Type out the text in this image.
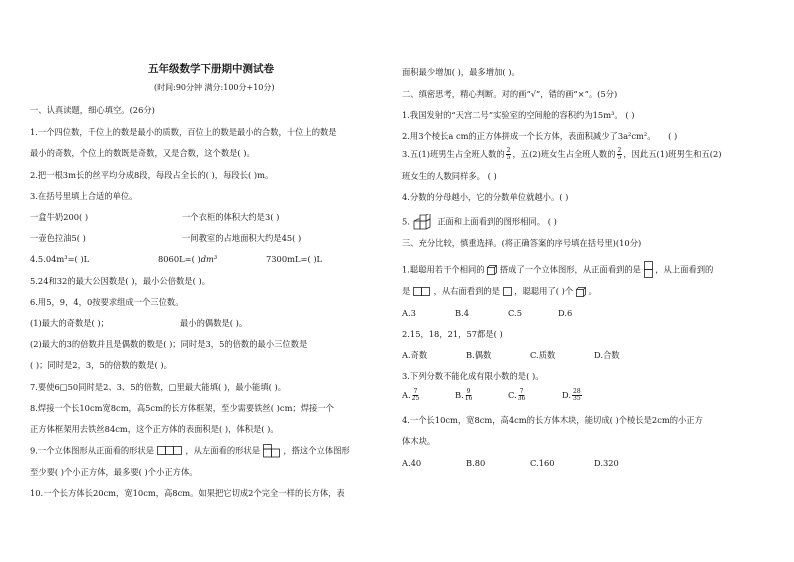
五年级数学下册期中测试卷
(时间:90分钟 满分:100分+10分)
一、认真读题，细心填空。(26分)
1.一个四位数，千位上的数是最小的质数，百位上的数是最小的合数，十位上的数是
最小的奇数，个位上的数既是奇数，又是合数，这个数是( )。
2.把一根3m长的丝平均分成8段，每段占全长的( )，每段长( )m。
3.在括号里填上合适的单位。
一盒牛奶200( )	一个衣柜的体积大约是3( )
一壶色拉油5( )	一间教室的占地面积大约是45( )
4.5.04m³=( )L	8060L=( )dm³	7300mL=( )L
5.24和32的最大公因数是( )，最小公倍数是( )。
6.用5，9，4，0按要求组成一个三位数。
(1)最大的奇数是( )；	最小的偶数是( )。
(2)最大的3的倍数并且是偶数的数是( )；同时是3，5的倍数的最小三位数是
( )；同时是2，3，5的倍数的数是( )。
7.要使6□50同时是2、3、5的倍数，□里最大能填( )，最小能填( )。
8.焊接一个长10cm宽8cm，高5cm的长方体框架，至少需要铁丝( )cm；焊接一个
正方体框架用去铁丝84cm，这个正方体的表面积是( )，体积是( )。
9.一个立体图形从正面看的形状是	，从左面看的形状是	，搭这个立体图形
至少要( )个小正方体，最多要( )个小正方体。
10.一个长方体长20cm，宽10cm，高8cm。如果把它切成2个完全一样的长方体，表
面积最少增加( )，最多增加( )。
二、缜密思考，精心判断。对的画“√”，错的画“×”。(5分)
1.我国发射的“天宫二号”实验室的空间舱的容积约为15m³。 ( )
2.用3个棱长a cm的正方体拼成一个长方体，表面积减少了3a²cm²。 ( )
3.五(1)班男生占全班人数的 $\frac{2}{5}$ ，五(2)班女生占全班人数的 $\frac{2}{5}$ ，因此五(1)班男生和五(2)
班女生的人数同样多。 ( )
4.分数的分母越小，它的分数单位就越小。( )
5.	正面和上面看到的图形相同。 ( )
三、充分比较，慎重选择。(将正确答案的序号填在括号里)(10分)
1.聪聪用若干个相同的 搭成了一个立体图形，从正面看到的是 ，从上面看到的
是	，从右面看到的是 ，聪聪用了( )个 。
A.3	B.4	C.5	D.6
2.15，18，21，57都是( )
A.奇数	B.偶数	C.质数	D.合数
3.下列分数不能化成有限小数的是( )。
A. $\frac{7}{25}$	B. $\frac{9}{16}$	C. $\frac{7}{36}$	D. $\frac{28}{35}$
4.一个长10cm，宽8cm，高4cm的长方体木块，能切成( )个棱长是2cm的小正方
体木块。
A.40	B.80	C.160	D.320
